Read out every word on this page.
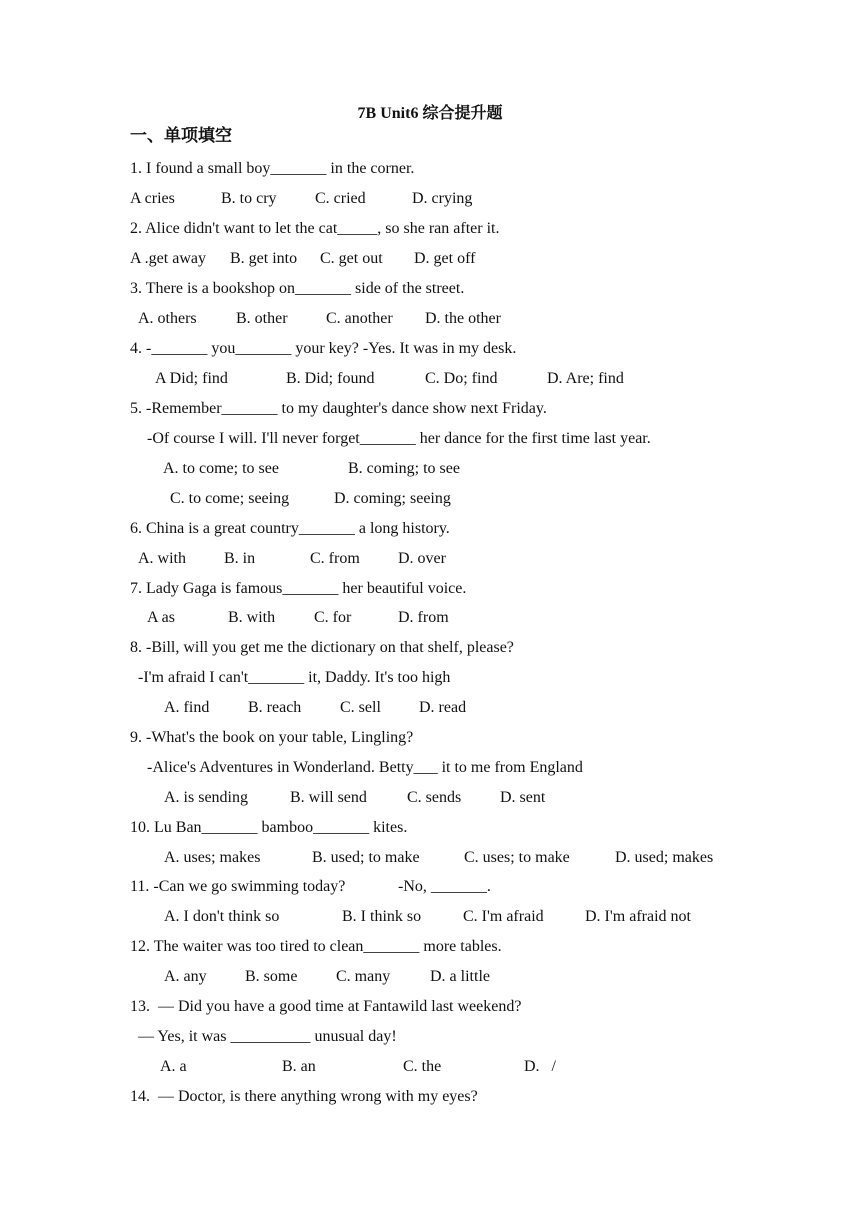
7B Unit6 综合提升题
一、单项填空
1. I found a small boy_______ in the corner.
A cries	B. to cry C. cried	D. crying
2. Alice didn't want to let the cat_____, so she ran after it.
A .get away B. get into C. get out D. get off
3. There is a bookshop on_______ side of the street.
A. others B. other C. another D. the other
4. -_______ you_______ your key? -Yes. It was in my desk.
A Did; find	B. Did; found	C. Do; find	D. Are; find
5. -Remember_______ to my daughter's dance show next Friday.
-Of course I will. I'll never forget_______ her dance for the first time last year.
A. to come; to see	B. coming; to see
C. to come; seeing	D. coming; seeing
6. China is a great country_______ a long history.
A. with B. in	C. from D. over
7. Lady Gaga is famous_______ her beautiful voice.
A as	B. with C. for	D. from
8. -Bill, will you get me the dictionary on that shelf, please?
-I'm afraid I can't_______ it, Daddy. It's too high
A. find B. reach C. sell D. read
9. -What's the book on your table, Lingling?
-Alice's Adventures in Wonderland. Betty___ it to me from England
A. is sending	B. will send	C. sends D. sent
10. Lu Ban_______ bamboo_______ kites.
A. uses; makes	B. used; to make	C. uses; to make	D. used; makes
11. -Can we go swimming today?	-No, _______.
A. I don't think so	B. I think so	C. I'm afraid	D. I'm afraid not
12. The waiter was too tired to clean_______ more tables.
A. any B. some C. many D. a little
13.  — Did you have a good time at Fantawild last weekend?
— Yes, it was __________ unusual day!
A. a	B. an	C. the	D.   /
14.  — Doctor, is there anything wrong with my eyes?
